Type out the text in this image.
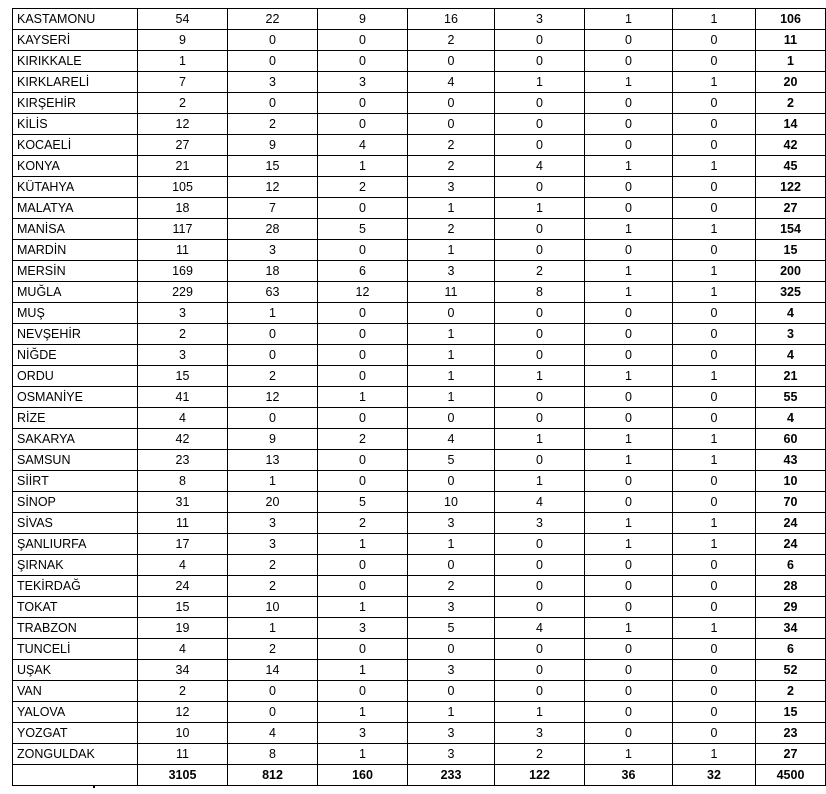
KASTAMONU	54	22	9	16	3	1	1	106
KAYSERİ	9	0	0	2	0	0	0	11
KIRIKKALE	1	0	0	0	0	0	0	1
KIRKLARELİ	7	3	3	4	1	1	1	20
KIRŞEHİR	2	0	0	0	0	0	0	2
KİLİS	12	2	0	0	0	0	0	14
KOCAELİ	27	9	4	2	0	0	0	42
KONYA	21	15	1	2	4	1	1	45
KÜTAHYA	105	12	2	3	0	0	0	122
MALATYA	18	7	0	1	1	0	0	27
MANİSA	117	28	5	2	0	1	1	154
MARDİN	11	3	0	1	0	0	0	15
MERSİN	169	18	6	3	2	1	1	200
MUĞLA	229	63	12	11	8	1	1	325
MUŞ	3	1	0	0	0	0	0	4
NEVŞEHİR	2	0	0	1	0	0	0	3
NİĞDE	3	0	0	1	0	0	0	4
ORDU	15	2	0	1	1	1	1	21
OSMANİYE	41	12	1	1	0	0	0	55
RİZE	4	0	0	0	0	0	0	4
SAKARYA	42	9	2	4	1	1	1	60
SAMSUN	23	13	0	5	0	1	1	43
SİİRT	8	1	0	0	1	0	0	10
SİNOP	31	20	5	10	4	0	0	70
SİVAS	11	3	2	3	3	1	1	24
ŞANLIURFA	17	3	1	1	0	1	1	24
ŞIRNAK	4	2	0	0	0	0	0	6
TEKİRDAĞ	24	2	0	2	0	0	0	28
TOKAT	15	10	1	3	0	0	0	29
TRABZON	19	1	3	5	4	1	1	34
TUNCELİ	4	2	0	0	0	0	0	6
UŞAK	34	14	1	3	0	0	0	52
VAN	2	0	0	0	0	0	0	2
YALOVA	12	0	1	1	1	0	0	15
YOZGAT	10	4	3	3	3	0	0	23
ZONGULDAK	11	8	1	3	2	1	1	27
	3105	812	160	233	122	36	32	4500
